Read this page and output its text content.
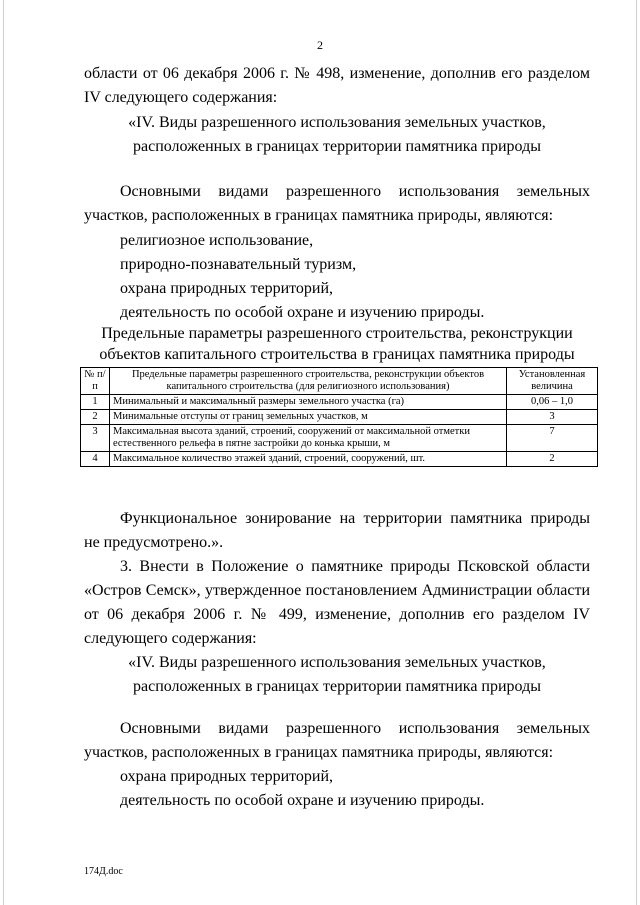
2
области от 06 декабря 2006 г. № 498, изменение, дополнив его разделом
IV следующего содержания:
«IV. Виды разрешенного использования земельных участков,
расположенных в границах территории памятника природы
Основными видами разрешенного использования земельных
участков, расположенных в границах памятника природы, являются:
религиозное использование,
природно-познавательный туризм,
охрана природных территорий,
деятельность по особой охране и изучению природы.
Предельные параметры разрешенного строительства, реконструкции
объектов капитального строительства в границах памятника природы
№ п/п	Предельные параметры разрешенного строительства, реконструкции объектов капитального строительства (для религиозного использования)	Установленная величина
1	Минимальный и максимальный размеры земельного участка (га)	0,06 – 1,0
2	Минимальные отступы от границ земельных участков, м	3
3	Максимальная высота зданий, строений, сооружений от максимальной отметки естественного рельефа в пятне застройки до конька крыши, м	7
4	Максимальное количество этажей зданий, строений, сооружений, шт.	2
Функциональное зонирование на территории памятника природы
не предусмотрено.».
3. Внести в Положение о памятнике природы Псковской области
«Остров Семск», утвержденное постановлением Администрации области
от 06 декабря 2006 г. № 499, изменение, дополнив его разделом IV
следующего содержания:
«IV. Виды разрешенного использования земельных участков,
расположенных в границах территории памятника природы
Основными видами разрешенного использования земельных
участков, расположенных в границах памятника природы, являются:
охрана природных территорий,
деятельность по особой охране и изучению природы.
174Д.doc
